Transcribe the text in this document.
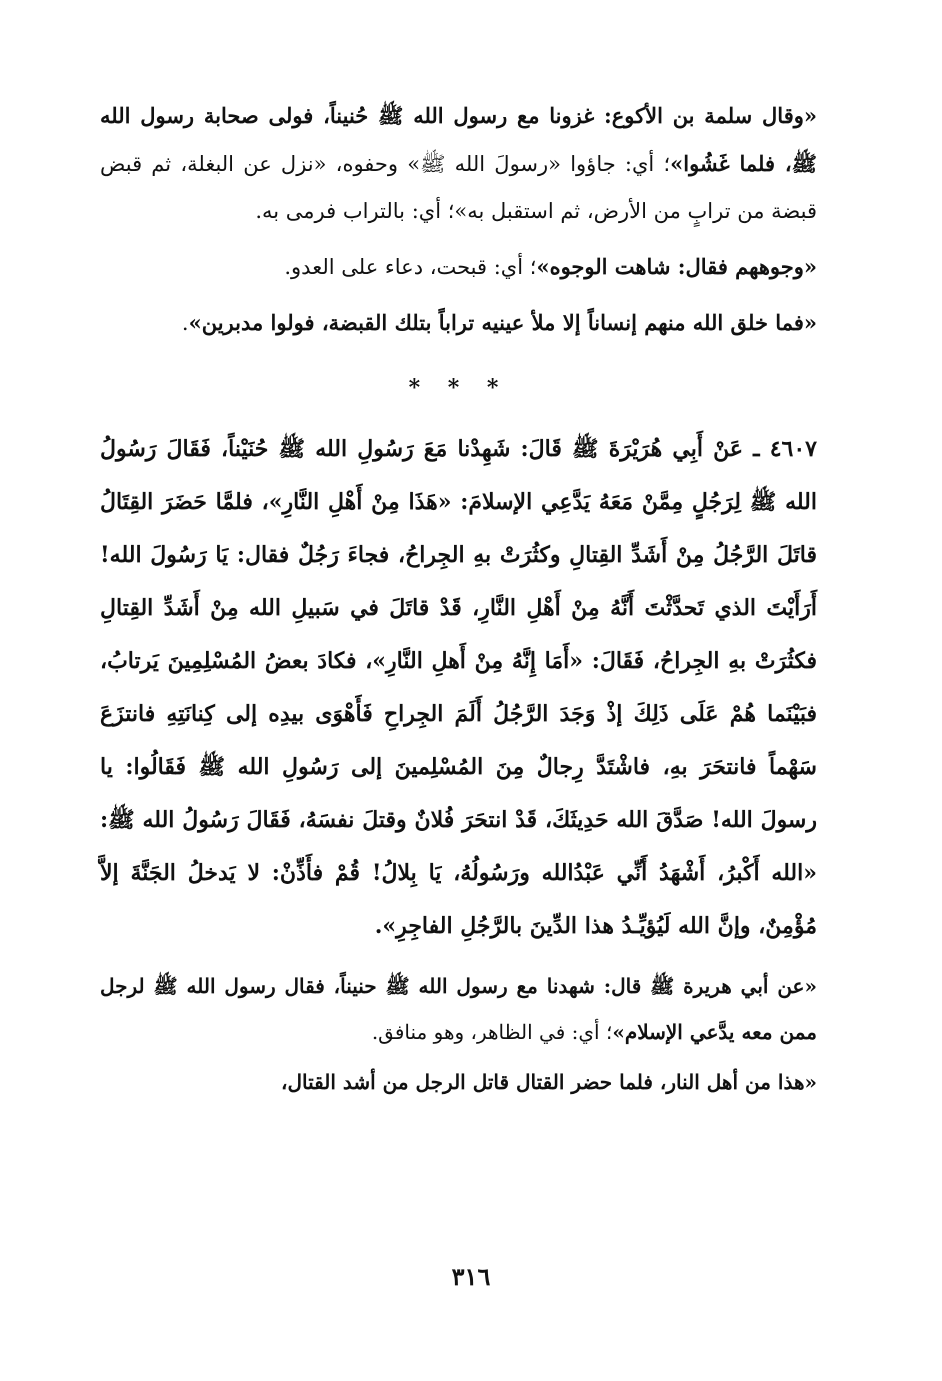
«وقال سلمة بن الأكوع: غزونا مع رسول الله ﷺ حُنيناً، فولى صحابة رسول الله ﷺ، فلما غَشُوا»؛ أي: جاؤوا «رسولَ الله ﷺ» وحفوه، «نزل عن البغلة، ثم قبض قبضة من ترابٍ من الأرض، ثم استقبل به»؛ أي: بالتراب فرمى به.

«وجوههم فقال: شاهت الوجوه»؛ أي: قبحت، دعاء على العدو.

«فما خلق الله منهم إنساناً إلا ملأ عينيه تراباً بتلك القبضة، فولوا مدبرين».

* * *
٤٦٠٧ ـ عَنْ أَبِي هُرَيْرَةَ ﷺ قَالَ: شَهِدْنا مَعَ رَسُولِ الله ﷺ حُنَيْناً، فَقَالَ رَسُولُ الله ﷺ لِرَجُلٍ مِمَّنْ مَعَهُ يَدَّعِي الإسلامَ: «هَذَا مِنْ أَهْلِ النَّارِ»، فلمَّا حَضَرَ القِتَالُ قاتَلَ الرَّجُلُ مِنْ أَشَدِّ القِتالِ وكثُرَتْ بهِ الجِراحُ، فجاءَ رَجُلٌ فقال: يَا رَسُولَ الله! أَرَأَيْتَ الذي تَحدَّثْتَ أَنَّهُ مِنْ أَهْلِ النَّارِ، قَدْ قاتَلَ في سَبيلِ الله مِنْ أَشَدِّ القِتالِ فكثُرَتْ بهِ الجِراحُ، فَقَالَ: «أَمَا إِنَّهُ مِنْ أَهلِ النَّارِ»، فكادَ بعضُ المُسْلِمِينَ يَرتابُ، فبَيْنَما هُمْ عَلَى ذَلِكَ إذْ وَجَدَ الرَّجُلُ أَلَمَ الجِراحِ فَأَهْوَى بيدِه إلى كِنانَتِهِ فانتزَعَ سَهْماً فانتحَرَ بهِ، فاشْتَدَّ رِجالٌ مِنَ المُسْلِمينَ إلى رَسُولِ الله ﷺ فَقَالُوا: يا رسولَ الله! صَدَّقَ الله حَدِيثَكَ، قَدْ انتحَرَ فُلانٌ وقتلَ نفسَهُ، فَقَالَ رَسُولُ الله ﷺ: «الله أَكْبرُ، أَشْهَدُ أَنِّي عَبْدُالله ورَسُولُهُ، يَا بِلالُ! قُمْ فأَذِّنْ: لا يَدخلُ الجَنَّةَ إلاَّ مُؤْمِنٌ، وإنَّ الله لَيُؤيِّـدُ هذا الدِّينَ بالرَّجُلِ الفاجِرِ».

«عن أبي هريرة ﷺ قال: شهدنا مع رسول الله ﷺ حنيناً، فقال رسول الله ﷺ لرجل ممن معه يدَّعي الإسلام»؛ أي: في الظاهر، وهو منافق.

«هذا من أهل النار، فلما حضر القتال قاتل الرجل من أشد القتال،

٣١٦
